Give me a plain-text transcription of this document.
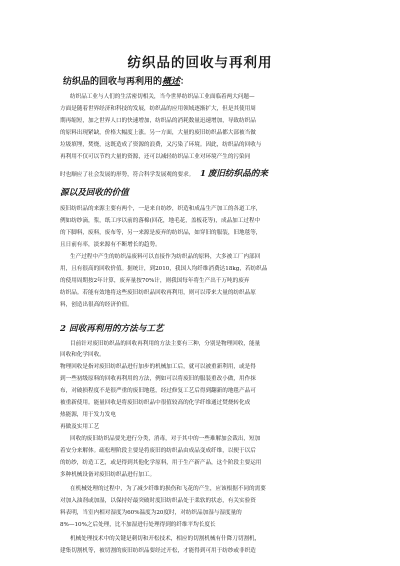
纺织品的回收与再利用
纺织品的回收与再利用的概述：
纺织品工业与人们的生活密切相关，当今世界纺织品工业面临着两大问题—
方面是随着世界经济和科技的发展，纺织品的应用领域逐渐扩大，但是其使用周
期再缩短，加之世界人口的快速增加，纺织品的消耗数量迅速增加，导致纺织品
的原料出现紧缺，价格大幅度上涨。另一方面，大量的废旧纺织品都大部被当做
垃圾填埋，焚烧，这既造成了资源的浪费，又污染了环境。因此，纺织品的回收与
再利用不仅可以节约大量的资源，还可以减轻纺织品工业对环境产生的污染同
时也顺应了社会发展的形势，符合科学发展观的要求。 1 废旧纺织品的来
源以及回收的价值
废旧纺织品的来源主要有两个，一是来自纺纱，织造和成品生产加工的各道工序，
例如纺纱滴，浆，纸工序以前的落棉(回花，地毛花，盖板花等)，成品加工过程中
的下脚料，废料，废布等，另一来源是废弃的纺织品，如穿旧的服装，旧地毯等，
且日前有率，淡来源有不断增长的趋势。
生产过程中产生的纺织品废料可以直接作为纺织品的原料，大多被工厂内部回
用，且有很高的回收价值。据统计，到2010，我国人均纤维消费达18kg，若纺织品
的使用周期按2年计算，废弃量按70%计，则我国每年将生产出千万吨的废弃
纺织品。若能有效地将这些废旧纺织品回收再利用，则可以带来大量的纺织品原
料，创造出很高的经济价值。
2 回收再利用的方法与工艺
目前针对废旧纺织品的回收再利用的方法主要有三种，分别是物理回收，能量
回收和化学回收。
物理回收是指对废旧纺织品进行加步的机械加工后，就可以被重新利用，或是得
到一些初级原料的回收再利用的方法，例如可以将废旧的服装重改小做，用作抹
布，对破损程度不是很严重的废旧地毯，经过修复工艺后得到翻新的地毯产品可
被重新使用。能量回收是将废旧纺织品中很值较高的化学纤维通过焚烧转化成
热能源，用于发力发电
再做及实用工艺
回收的废旧纺织品要先进行分类，消毒，对于其中的一些难解加会裁出，短加
着安分来解体。疏松理阶段主要是将废旧的纺织品由成品变成纤维，以便于以后
的纺纱，纺造工艺，或是得到其他化学原料，用于生产新产品，这个阶段主要运用
多种机械设备对废旧纺织品进行加工。
在机械处理的过程中，为了减少纤维的损伤和飞花的产生，应该根据不同的需要
对加入油剂或加湿，以保持好最突破时度旧纺织品处于柔软的状态，有关实验资
料表明，当室内相对湿度为60%温度为20度时，对纺织品加湿与湿度量的
8%—10%之后处理，比不加湿进行处理得到的纤维平均长度长
机械处理技术中的关键是刺切和开松技术，相应的切割机械有什降刀切割机，
建集切割机等，被切割的废旧纺织品要经过开松，才能得到可用于纺纱或非织造
